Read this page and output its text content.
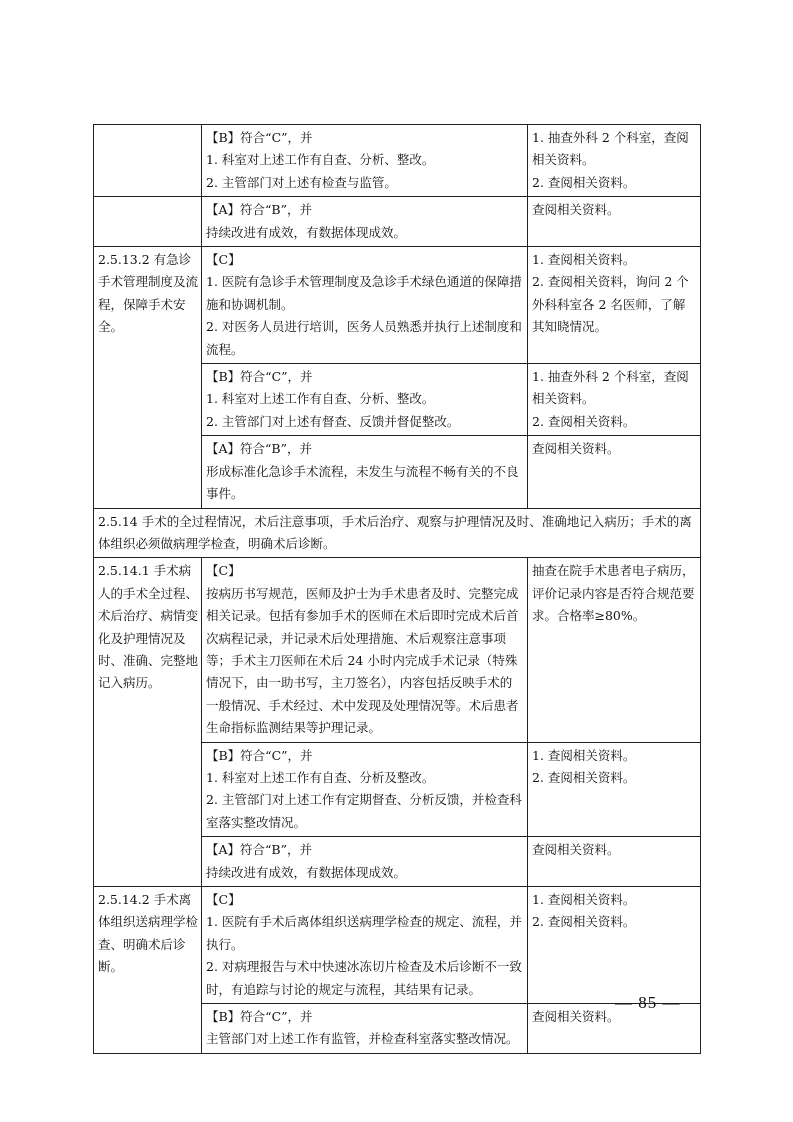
	【B】符合“C”，并
1. 科室对上述工作有自查、分析、整改。
2. 主管部门对上述有检查与监管。	1. 抽查外科 2 个科室，查阅相关资料。
2. 查阅相关资料。

	【A】符合“B”，并
持续改进有成效，有数据体现成效。	查阅相关资料。

2.5.13.2 有急诊手术管理制度及流程，保障手术安全。	【C】
1. 医院有急诊手术管理制度及急诊手术绿色通道的保障措施和协调机制。
2. 对医务人员进行培训，医务人员熟悉并执行上述制度和流程。	1. 查阅相关资料。
2. 查阅相关资料，询问 2 个外科科室各 2 名医师，了解其知晓情况。

	【B】符合“C”，并
1. 科室对上述工作有自查、分析、整改。
2. 主管部门对上述有督查、反馈并督促整改。	1. 抽查外科 2 个科室，查阅相关资料。
2. 查阅相关资料。

	【A】符合“B”，并
形成标准化急诊手术流程，未发生与流程不畅有关的不良事件。	查阅相关资料。

2.5.14 手术的全过程情况，术后注意事项，手术后治疗、观察与护理情况及时、准确地记入病历；手术的离体组织必须做病理学检查，明确术后诊断。		
2.5.14.1 手术病人的手术全过程、术后治疗、病情变化及护理情况及时、准确、完整地记入病历。	【C】
按病历书写规范，医师及护士为手术患者及时、完整完成相关记录。包括有参加手术的医师在术后即时完成术后首次病程记录，并记录术后处理措施、术后观察注意事项等；手术主刀医师在术后 24 小时内完成手术记录（特殊情况下，由一助书写，主刀签名），内容包括反映手术的一般情况、手术经过、术中发现及处理情况等。术后患者生命指标监测结果等护理记录。	抽查在院手术患者电子病历，评价记录内容是否符合规范要求。合格率≥80%。

	【B】符合“C”，并
1. 科室对上述工作有自查、分析及整改。
2. 主管部门对上述工作有定期督查、分析反馈，并检查科室落实整改情况。	1. 查阅相关资料。
2. 查阅相关资料。

	【A】符合“B”，并
持续改进有成效，有数据体现成效。	查阅相关资料。

2.5.14.2 手术离体组织送病理学检查、明确术后诊断。	【C】
1. 医院有手术后离体组织送病理学检查的规定、流程，并执行。
2. 对病理报告与术中快速冰冻切片检查及术后诊断不一致时，有追踪与讨论的规定与流程，其结果有记录。	1. 查阅相关资料。
2. 查阅相关资料。

	【B】符合“C”，并
主管部门对上述工作有监管，并检查科室落实整改情况。	查阅相关资料。
— 85 —
